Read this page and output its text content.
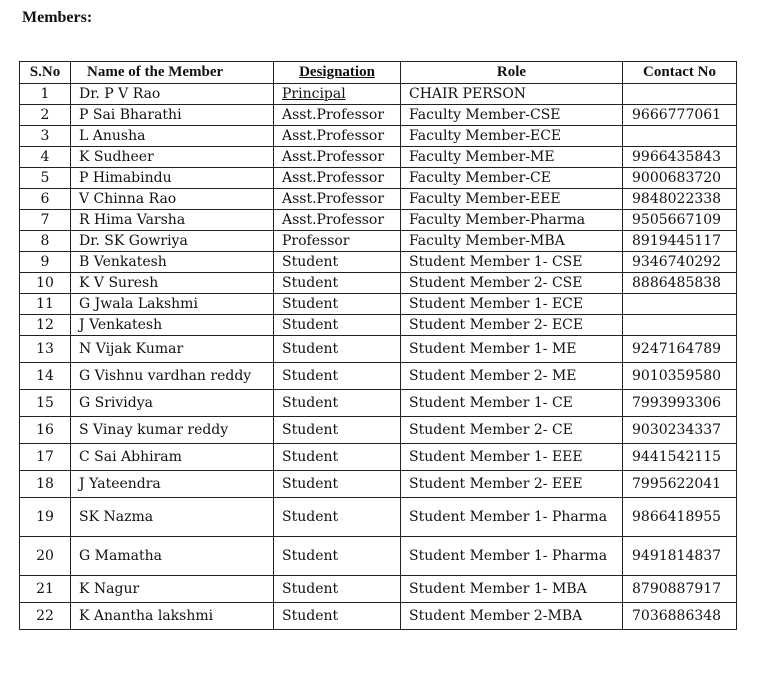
Members:
S.No	Name of the Member	Designation	Role	Contact No
1	Dr. P V Rao	Principal	CHAIR PERSON	
2	P Sai Bharathi	Asst.Professor	Faculty Member-CSE	9666777061
3	L Anusha	Asst.Professor	Faculty Member-ECE	
4	K Sudheer	Asst.Professor	Faculty Member-ME	9966435843
5	P Himabindu	Asst.Professor	Faculty Member-CE	9000683720
6	V Chinna Rao	Asst.Professor	Faculty Member-EEE	9848022338
7	R Hima Varsha	Asst.Professor	Faculty Member-Pharma	9505667109
8	Dr. SK Gowriya	Professor	Faculty Member-MBA	8919445117
9	B Venkatesh	Student	Student Member 1- CSE	9346740292
10	K V Suresh	Student	Student Member 2- CSE	8886485838
11	G Jwala Lakshmi	Student	Student Member 1- ECE	
12	J Venkatesh	Student	Student Member 2- ECE	
13	N Vijak Kumar	Student	Student Member 1- ME	9247164789
14	G Vishnu vardhan reddy	Student	Student Member 2- ME	9010359580
15	G Srividya	Student	Student Member 1- CE	7993993306
16	S Vinay kumar reddy	Student	Student Member 2- CE	9030234337
17	C Sai Abhiram	Student	Student Member 1- EEE	9441542115
18	J Yateendra	Student	Student Member 2- EEE	7995622041
19	SK Nazma	Student	Student Member 1- Pharma	9866418955
20	G Mamatha	Student	Student Member 1- Pharma	9491814837
21	K Nagur	Student	Student Member 1- MBA	8790887917
22	K Anantha lakshmi	Student	Student Member 2-MBA	7036886348
